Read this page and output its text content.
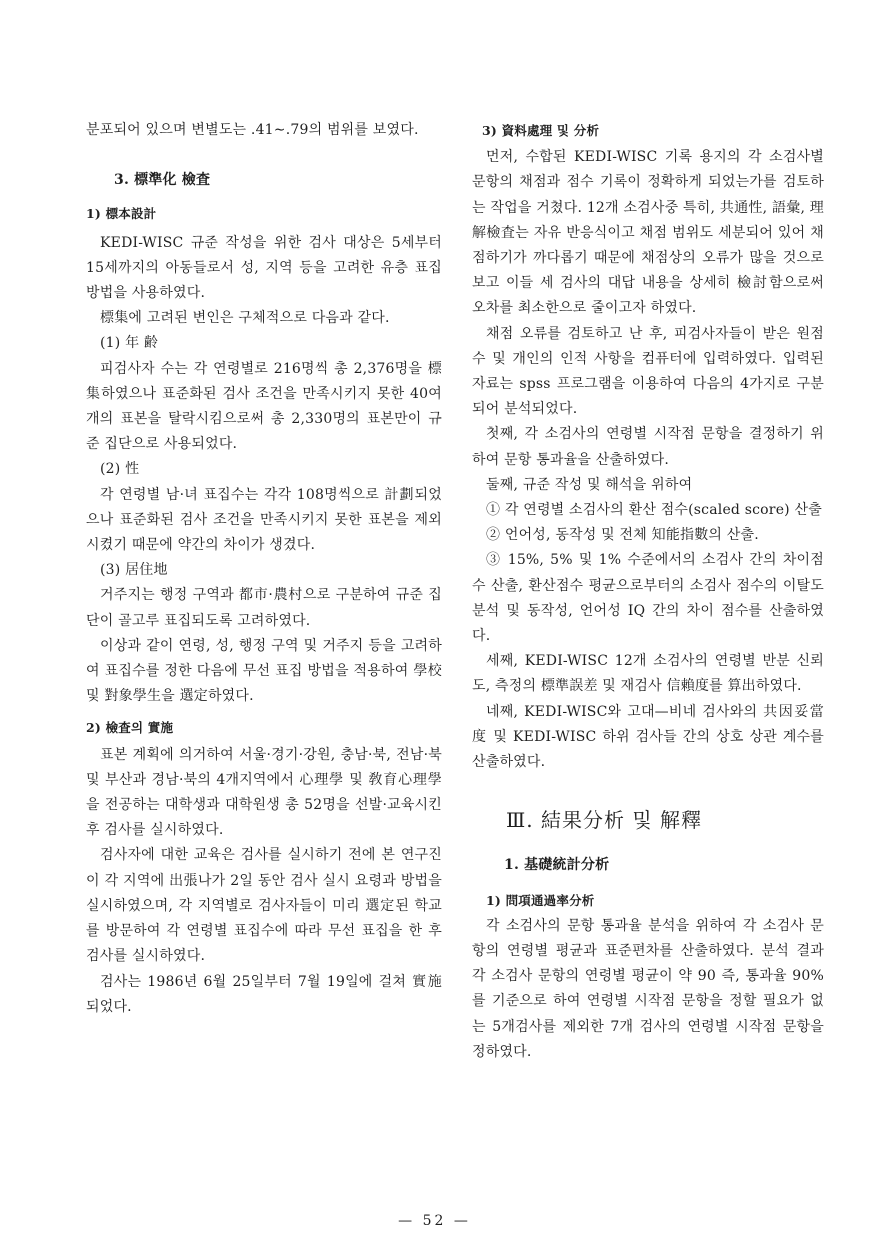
분포되어 있으며 변별도는 .41∼.79의 범위를 보였다.

3. 標準化 檢査
1) 標本設計

KEDI-WISC 규준 작성을 위한 검사 대상은 5세부터 15세까지의 아동들로서 성, 지역 등을 고려한 유층 표집 방법을 사용하였다.

標集에 고려된 변인은 구체적으로 다음과 같다.

(1) 年 齢

피검사자 수는 각 연령별로 216명씩 총 2,376명을 標集하였으나 표준화된 검사 조건을 만족시키지 못한 40여 개의 표본을 탈락시킴으로써 총 2,330명의 표본만이 규준 집단으로 사용되었다.

(2) 性

각 연령별 남·녀 표집수는 각각 108명씩으로 計劃되었으나 표준화된 검사 조건을 만족시키지 못한 표본을 제외시켰기 때문에 약간의 차이가 생겼다.

(3) 居住地

거주지는 행정 구역과 都市·農村으로 구분하여 규준 집단이 골고루 표집되도록 고려하였다.

이상과 같이 연령, 성, 행정 구역 및 거주지 등을 고려하여 표집수를 정한 다음에 무선 표집 방법을 적용하여 學校 및 對象學生을 選定하였다.

2) 檢査의 實施

표본 계획에 의거하여 서울·경기·강원, 충남·북, 전남·북 및 부산과 경남·북의 4개지역에서 心理學 및 敎育心理學을 전공하는 대학생과 대학원생 총 52명을 선발·교육시킨 후 검사를 실시하였다.

검사자에 대한 교육은 검사를 실시하기 전에 본 연구진이 각 지역에 出張나가 2일 동안 검사 실시 요령과 방법을 실시하였으며, 각 지역별로 검사자들이 미리 選定된 학교를 방문하여 각 연령별 표집수에 따라 무선 표집을 한 후 검사를 실시하였다.

검사는 1986년 6월 25일부터 7월 19일에 걸쳐 實施되었다.

3) 資料處理 및 分析

먼저, 수합된 KEDI-WISC 기록 용지의 각 소검사별 문항의 채점과 점수 기록이 정확하게 되었는가를 검토하는 작업을 거쳤다. 12개 소검사중 특히, 共通性, 語彙, 理解檢査는 자유 반응식이고 채점 범위도 세분되어 있어 채점하기가 까다롭기 때문에 채점상의 오류가 많을 것으로 보고 이들 세 검사의 대답 내용을 상세히 檢討함으로써 오차를 최소한으로 줄이고자 하였다.

채점 오류를 검토하고 난 후, 피검사자들이 받은 원점수 및 개인의 인적 사항을 컴퓨터에 입력하였다. 입력된 자료는 spss 프로그램을 이용하여 다음의 4가지로 구분되어 분석되었다.

첫째, 각 소검사의 연령별 시작점 문항을 결정하기 위하여 문항 통과율을 산출하였다.

둘째, 규준 작성 및 해석을 위하여

① 각 연령별 소검사의 환산 점수(scaled score) 산출

② 언어성, 동작성 및 전체 知能指數의 산출.

③ 15%, 5% 및 1% 수준에서의 소검사 간의 차이점수 산출, 환산점수 평균으로부터의 소검사 점수의 이탈도 분석 및 동작성, 언어성 IQ 간의 차이 점수를 산출하였다.

세째, KEDI-WISC 12개 소검사의 연령별 반분 신뢰도, 측정의 標準誤差 및 재검사 信賴度를 算出하였다.

네째, KEDI-WISC와 고대—비네 검사와의 共因妥當度 및 KEDI-WISC 하위 검사들 간의 상호 상관 계수를 산출하였다.

Ⅲ. 結果分析 및 解釋
1. 基礎統計分析
1) 問項通過率分析

각 소검사의 문항 통과율 분석을 위하여 각 소검사 문항의 연령별 평균과 표준편차를 산출하였다. 분석 결과 각 소검사 문항의 연령별 평균이 약 90 즉, 통과율 90%를 기준으로 하여 연령별 시작점 문항을 정할 필요가 없는 5개검사를 제외한 7개 검사의 연령별 시작점 문항을 정하였다.

— 52 —
